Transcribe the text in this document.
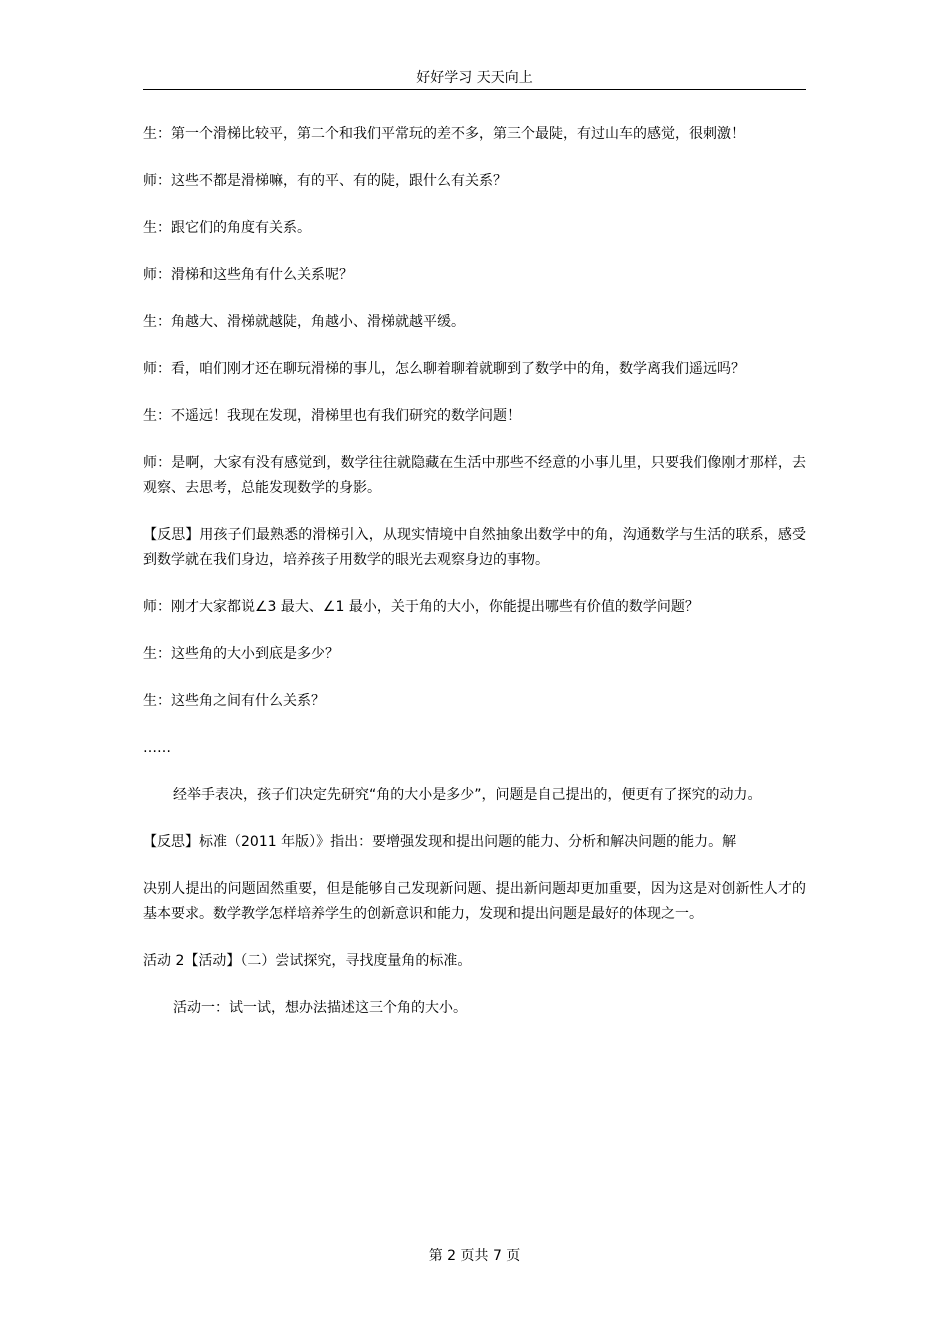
好好学习 天天向上

生：第一个滑梯比较平，第二个和我们平常玩的差不多，第三个最陡，有过山车的感觉，很刺激！

师：这些不都是滑梯嘛，有的平、有的陡，跟什么有关系？

生：跟它们的角度有关系。

师：滑梯和这些角有什么关系呢？

生：角越大、滑梯就越陡，角越小、滑梯就越平缓。

师：看，咱们刚才还在聊玩滑梯的事儿，怎么聊着聊着就聊到了数学中的角，数学离我们遥远吗？

生：不遥远！我现在发现，滑梯里也有我们研究的数学问题！

师：是啊，大家有没有感觉到，数学往往就隐藏在生活中那些不经意的小事儿里，只要我们像刚才那样，去观察、去思考，总能发现数学的身影。

【反思】用孩子们最熟悉的滑梯引入，从现实情境中自然抽象出数学中的角，沟通数学与生活的联系，感受到数学就在我们身边，培养孩子用数学的眼光去观察身边的事物。

师：刚才大家都说∠3 最大、∠1 最小，关于角的大小，你能提出哪些有价值的数学问题？

生：这些角的大小到底是多少？

生：这些角之间有什么关系？

……

经举手表决，孩子们决定先研究“角的大小是多少”，问题是自己提出的，便更有了探究的动力。

【反思】标准（2011 年版）》指出：要增强发现和提出问题的能力、分析和解决问题的能力。解

决别人提出的问题固然重要，但是能够自己发现新问题、提出新问题却更加重要，因为这是对创新性人才的基本要求。数学教学怎样培养学生的创新意识和能力，发现和提出问题是最好的体现之一。

活动 2【活动】（二）尝试探究，寻找度量角的标准。

活动一：试一试，想办法描述这三个角的大小。

第 2 页共 7 页
